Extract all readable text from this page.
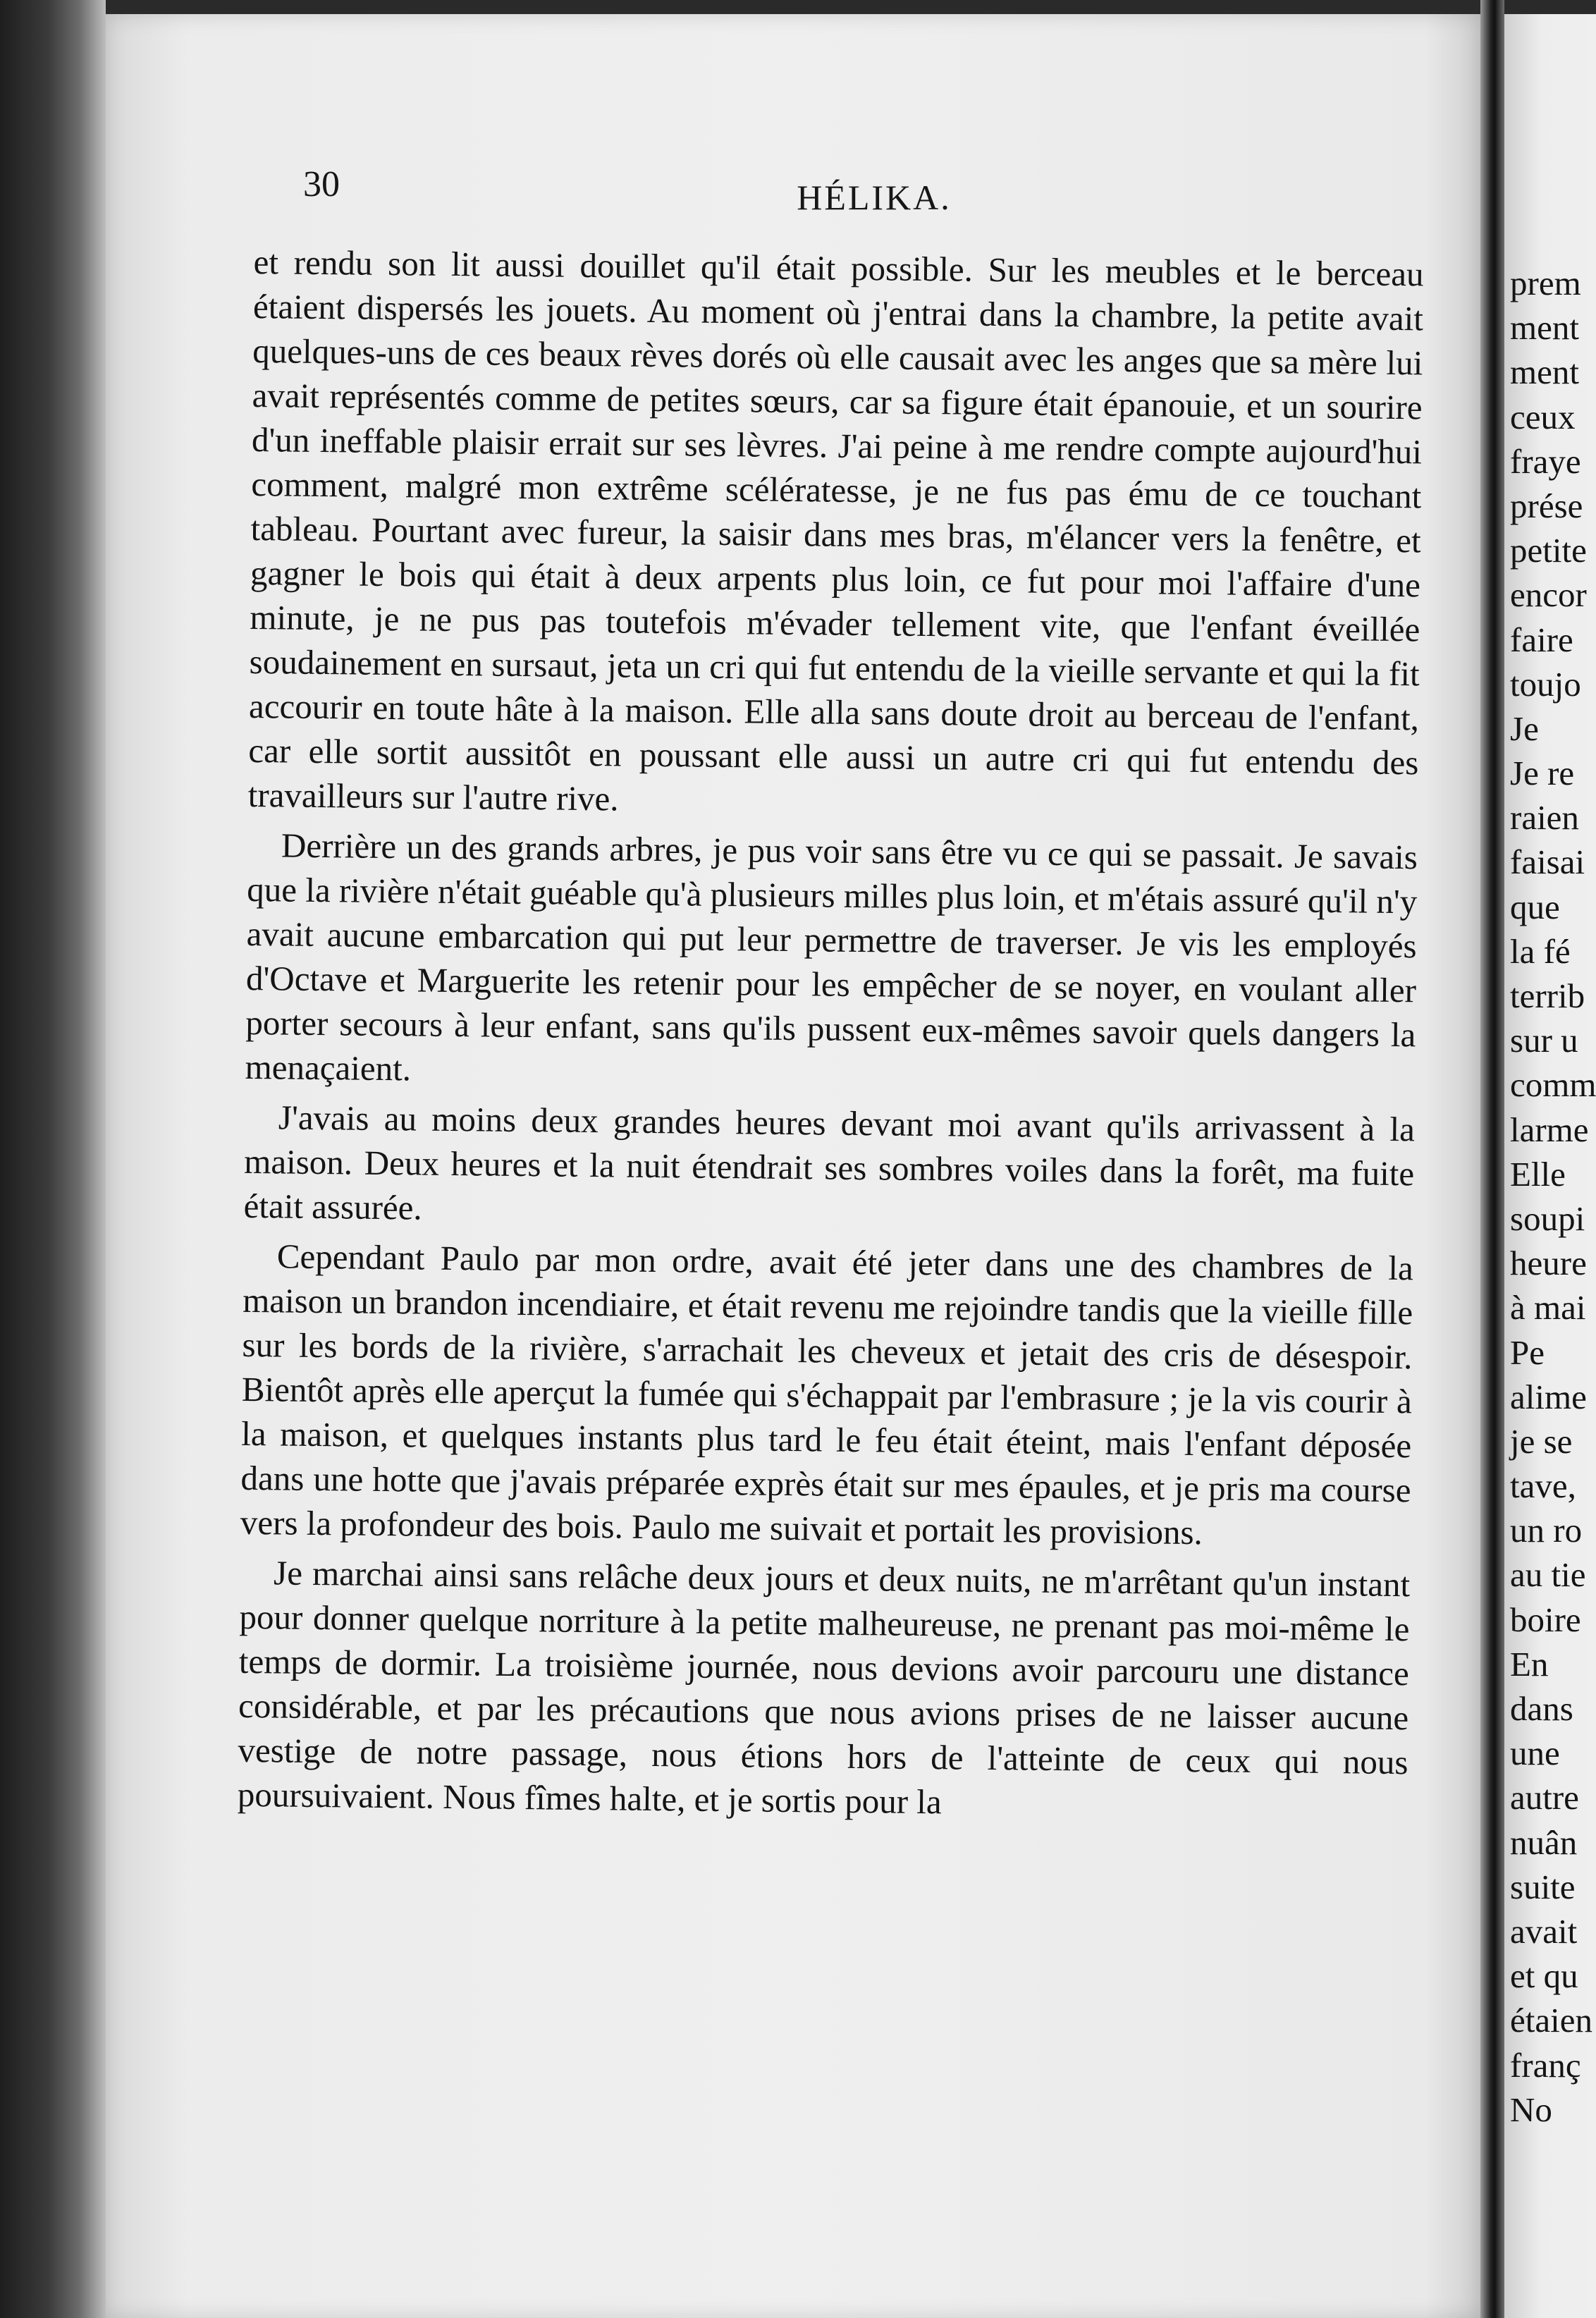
30	HÉLIKA.

et rendu son lit aussi douillet qu'il était possible. Sur les meubles et le berceau étaient dispersés les jouets. Au moment où j'entrai dans la chambre, la petite avait quelques-uns de ces beaux rèves dorés où elle causait avec les anges que sa mère lui avait représentés comme de petites sœurs, car sa figure était épanouie, et un sourire d'un ineffable plaisir errait sur ses lèvres. J'ai peine à me rendre compte aujourd'hui comment, malgré mon extrême scélératesse, je ne fus pas ému de ce touchant tableau. Pourtant avec fureur, la saisir dans mes bras, m'élancer vers la fenêtre, et gagner le bois qui était à deux arpents plus loin, ce fut pour moi l'affaire d'une minute, je ne pus pas toutefois m'évader tellement vite, que l'enfant éveillée soudainement en sursaut, jeta un cri qui fut entendu de la vieille servante et qui la fit accourir en toute hâte à la maison. Elle alla sans doute droit au berceau de l'enfant, car elle sortit aussitôt en poussant elle aussi un autre cri qui fut entendu des travailleurs sur l'autre rive.

Derrière un des grands arbres, je pus voir sans être vu ce qui se passait. Je savais que la rivière n'était guéable qu'à plusieurs milles plus loin, et m'étais assuré qu'il n'y avait aucune embarcation qui put leur permettre de traverser. Je vis les employés d'Octave et Marguerite les retenir pour les empêcher de se noyer, en voulant aller porter secours à leur enfant, sans qu'ils pussent eux-mêmes savoir quels dangers la menaçaient.

J'avais au moins deux grandes heures devant moi avant qu'ils arrivassent à la maison. Deux heures et la nuit étendrait ses sombres voiles dans la forêt, ma fuite était assurée.

Cependant Paulo par mon ordre, avait été jeter dans une des chambres de la maison un brandon incendiaire, et était revenu me rejoindre tandis que la vieille fille sur les bords de la rivière, s'arrachait les cheveux et jetait des cris de désespoir. Bientôt après elle aperçut la fumée qui s'échappait par l'embrasure ; je la vis courir à la maison, et quelques instants plus tard le feu était éteint, mais l'enfant déposée dans une hotte que j'avais préparée exprès était sur mes épaules, et je pris ma course vers la profondeur des bois. Paulo me suivait et portait les provisions.

Je marchai ainsi sans relâche deux jours et deux nuits, ne m'arrêtant qu'un instant pour donner quelque norriture à la petite malheureuse, ne prenant pas moi-même le temps de dormir. La troisième journée, nous devions avoir parcouru une distance considérable, et par les précautions que nous avions prises de ne laisser aucune vestige de notre passage, nous étions hors de l'atteinte de ceux qui nous poursuivaient. Nous fîmes halte, et je sortis pour la

prem
ment
ment
ceux
fraye
prése
petite
encor
faire
toujo
Je
Je re
raien
faisai
que
la fé
terrib
sur u
comm
larme
Elle
soupi
heure
à mai
Pe
alime
je se
tave,
un ro
au tie
boire
En
dans
une
autre
nuân
suite
avait
et qu
étaien
franç
No
